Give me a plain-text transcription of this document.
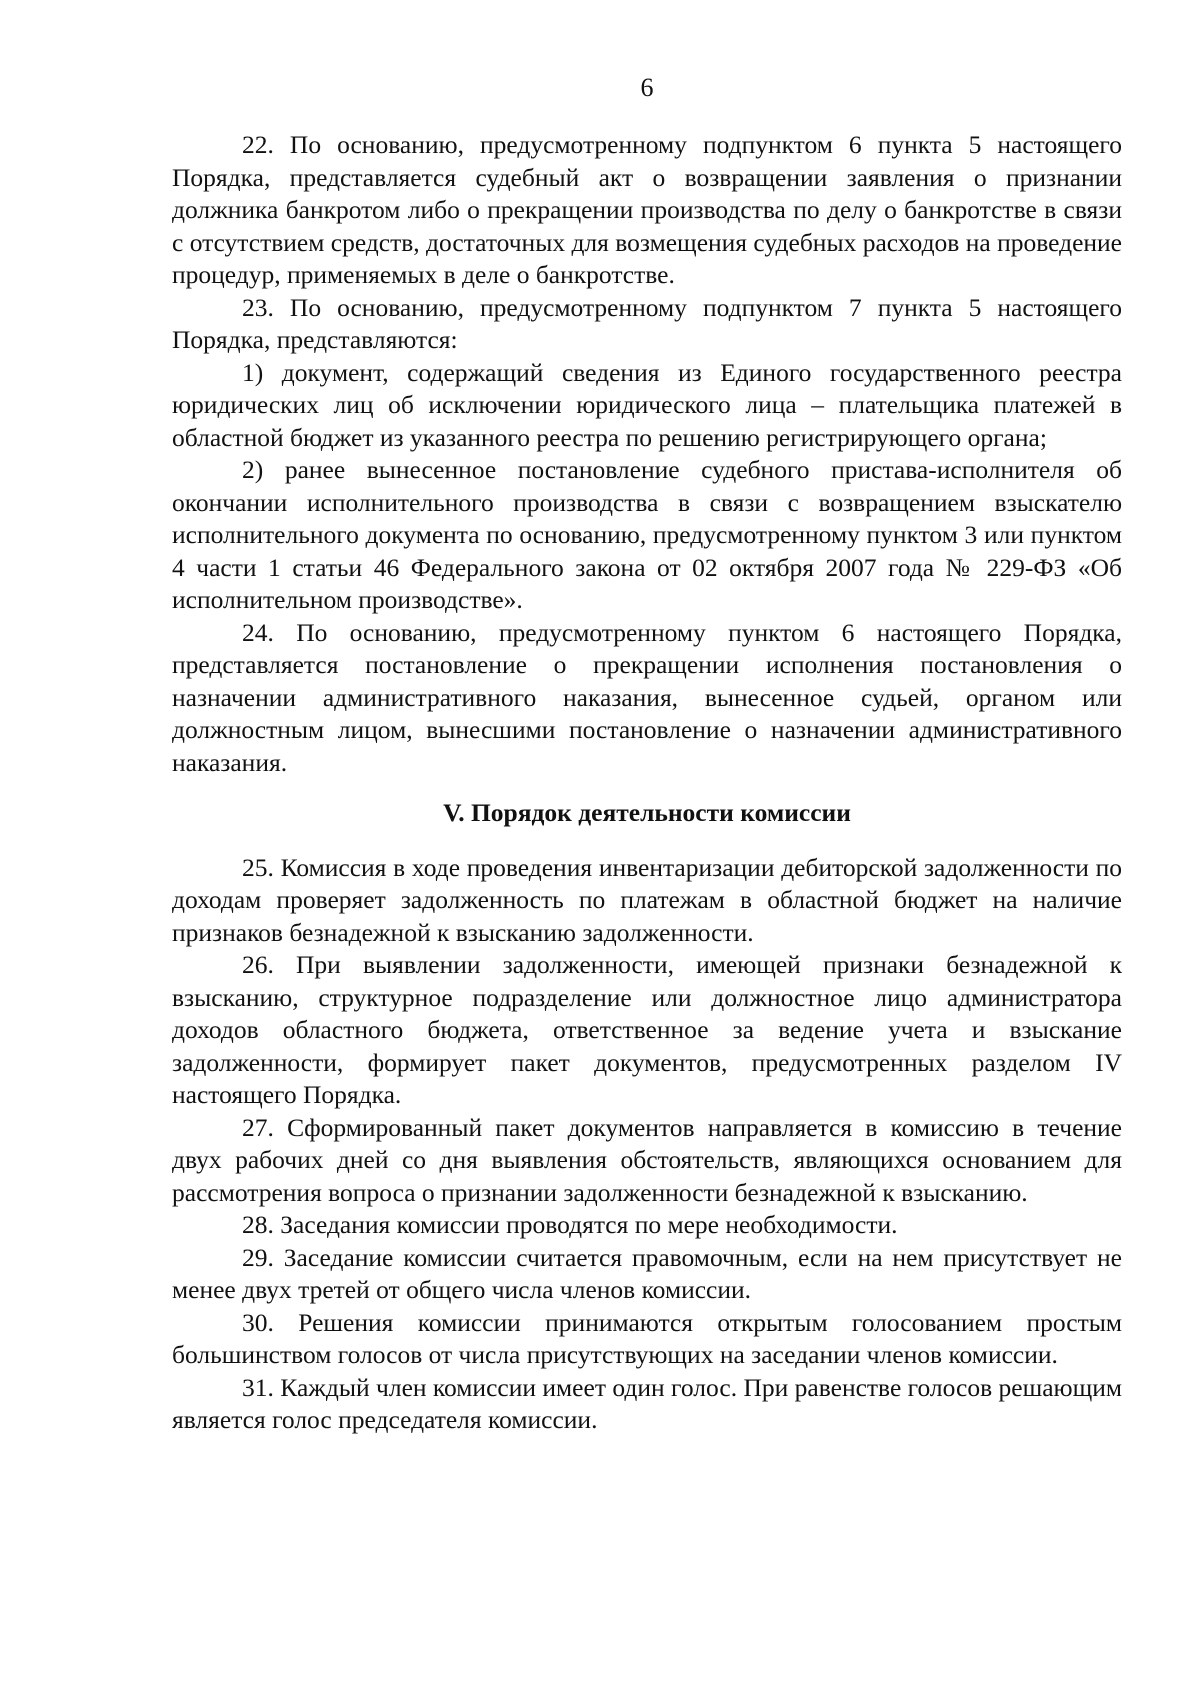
6

22. По основанию, предусмотренному подпунктом 6 пункта 5 настоящего Порядка, представляется судебный акт о возвращении заявления о признании должника банкротом либо о прекращении производства по делу о банкротстве в связи с отсутствием средств, достаточных для возмещения судебных расходов на проведение процедур, применяемых в деле о банкротстве.

23. По основанию, предусмотренному подпунктом 7 пункта 5 настоящего Порядка, представляются:

1) документ, содержащий сведения из Единого государственного реестра юридических лиц об исключении юридического лица – плательщика платежей в областной бюджет из указанного реестра по решению регистрирующего органа;

2) ранее вынесенное постановление судебного пристава-исполнителя об окончании исполнительного производства в связи с возвращением взыскателю исполнительного документа по основанию, предусмотренному пунктом 3 или пунктом 4 части 1 статьи 46 Федерального закона от 02 октября 2007 года № 229-ФЗ «Об исполнительном производстве».

24. По основанию, предусмотренному пунктом 6 настоящего Порядка, представляется постановление о прекращении исполнения постановления о назначении административного наказания, вынесенное судьей, органом или должностным лицом, вынесшими постановление о назначении административного наказания.

V. Порядок деятельности комиссии

25. Комиссия в ходе проведения инвентаризации дебиторской задолженности по доходам проверяет задолженность по платежам в областной бюджет на наличие признаков безнадежной к взысканию задолженности.

26. При выявлении задолженности, имеющей признаки безнадежной к взысканию, структурное подразделение или должностное лицо администратора доходов областного бюджета, ответственное за ведение учета и взыскание задолженности, формирует пакет документов, предусмотренных разделом IV настоящего Порядка.

27. Сформированный пакет документов направляется в комиссию в течение двух рабочих дней со дня выявления обстоятельств, являющихся основанием для рассмотрения вопроса о признании задолженности безнадежной к взысканию.

28. Заседания комиссии проводятся по мере необходимости.

29. Заседание комиссии считается правомочным, если на нем присутствует не менее двух третей от общего числа членов комиссии.

30. Решения комиссии принимаются открытым голосованием простым большинством голосов от числа присутствующих на заседании членов комиссии.

31. Каждый член комиссии имеет один голос. При равенстве голосов решающим является голос председателя комиссии.
